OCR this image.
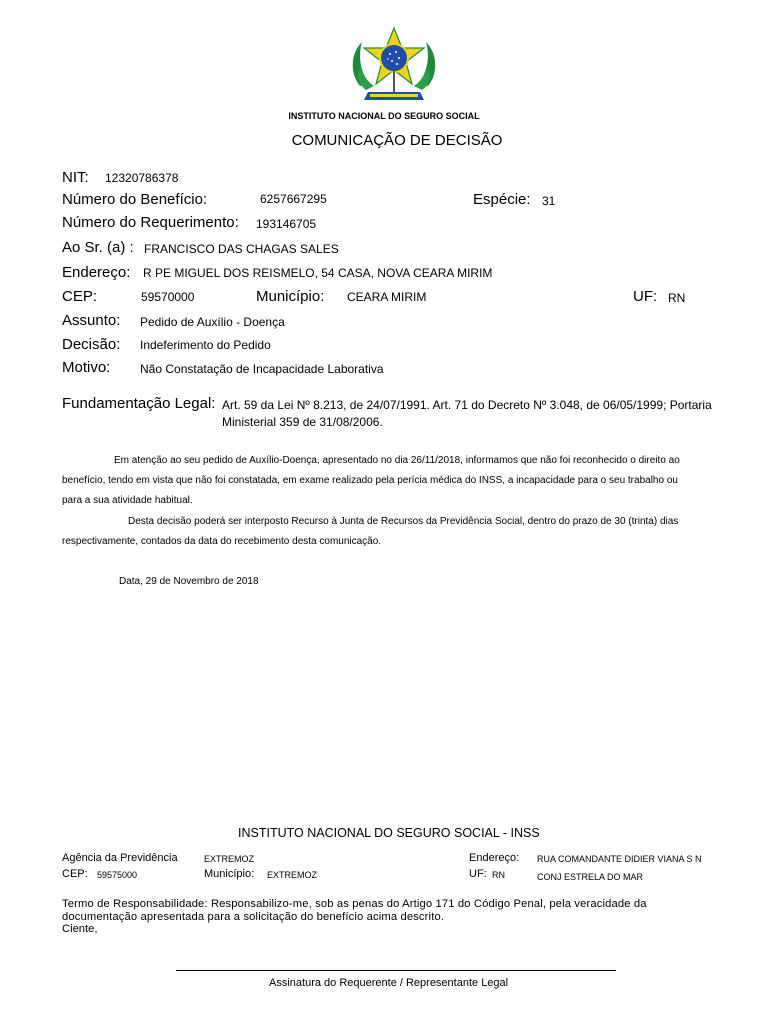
INSTITUTO NACIONAL DO SEGURO SOCIAL
COMUNICAÇÃO DE DECISÃO
NIT: 12320786378
Número do Benefício:	6257667295	Espécie: 31
Número do Requerimento: 193146705
Ao Sr. (a) : FRANCISCO DAS CHAGAS SALES
Endereço: R PE MIGUEL DOS REISMELO, 54 CASA, NOVA CEARA MIRIM
CEP:	59570000	Município: CEARA MIRIM	UF: RN
Assunto: Pedido de Auxílio - Doença
Decisão: Indeferimento do Pedido
Motivo: Não Constatação de Incapacidade Laborativa
Fundamentação Legal: Art. 59 da Lei Nº 8.213, de 24/07/1991. Art. 71 do Decreto Nº 3.048, de 06/05/1999; Portaria
Ministerial 359 de 31/08/2006.
Em atenção ao seu pedido de Auxílio-Doença, apresentado no dia 26/11/2018, informamos que não foi reconhecido o direito ao
benefício, tendo em vista que não foi constatada, em exame realizado pela perícia médica do INSS, a incapacidade para o seu trabalho ou
para a sua atividade habitual.
Desta decisão poderá ser interposto Recurso à Junta de Recursos da Previdência Social, dentro do prazo de 30 (trinta) dias
respectivamente, contados da data do recebimento desta comunicação.
Data, 29 de Novembro de 2018
INSTITUTO NACIONAL DO SEGURO SOCIAL - INSS
Agência da Previdência	EXTREMOZ	Endereço: RUA COMANDANTE DIDIER VIANA S N
CEP: 59575000	Município: EXTREMOZ	UF: RN	CONJ ESTRELA DO MAR
Termo de Responsabilidade: Responsabilizo-me, sob as penas do Artigo 171 do Código Penal, pela veracidade da
documentação apresentada para a solicitação do benefício acima descrito.
Ciente,
Assinatura do Requerente / Representante Legal
